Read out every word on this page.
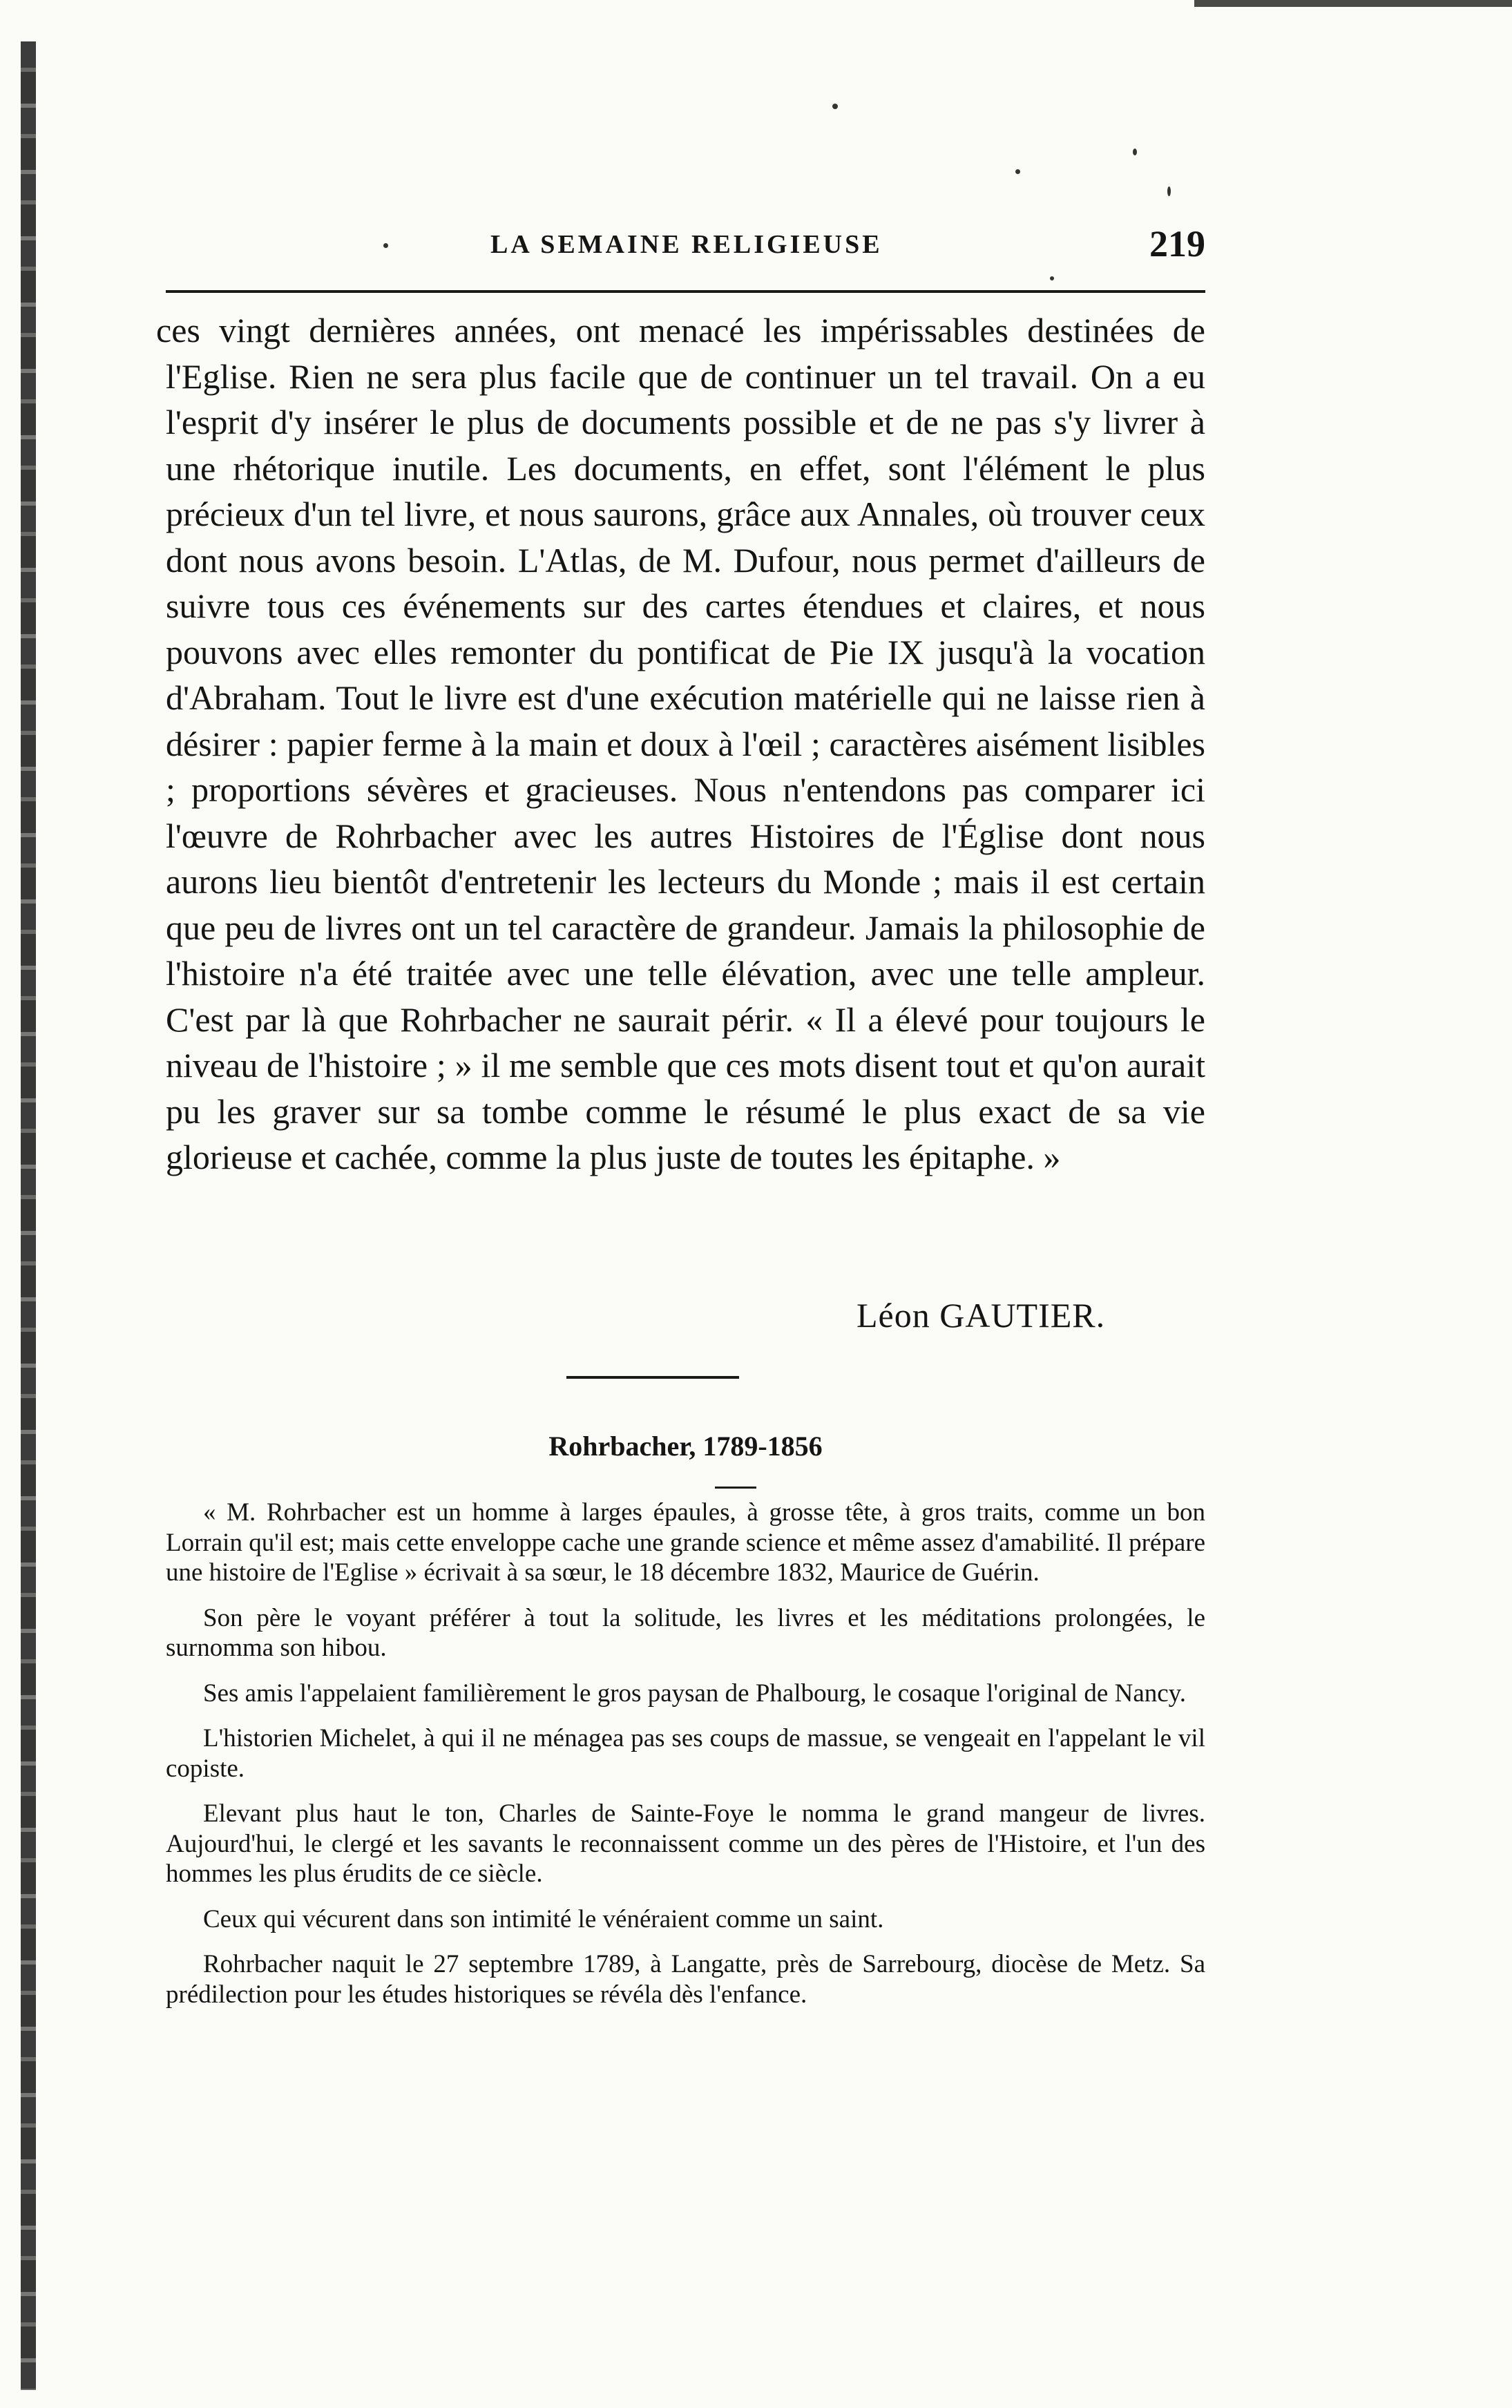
LA SEMAINE RELIGIEUSE	219

ces vingt dernières années, ont menacé les impérissables destinées de l'Eglise. Rien ne sera plus facile que de continuer un tel travail. On a eu l'esprit d'y insérer le plus de documents possible et de ne pas s'y livrer à une rhétorique inutile. Les documents, en effet, sont l'élément le plus précieux d'un tel livre, et nous saurons, grâce aux Annales, où trouver ceux dont nous avons besoin. L'Atlas, de M. Dufour, nous permet d'ailleurs de suivre tous ces événements sur des cartes étendues et claires, et nous pouvons avec elles remonter du pontificat de Pie IX jusqu'à la vocation d'Abraham. Tout le livre est d'une exécution matérielle qui ne laisse rien à désirer : papier ferme à la main et doux à l'œil ; caractères aisément lisibles ; proportions sévères et gracieuses. Nous n'entendons pas comparer ici l'œuvre de Rohrbacher avec les autres Histoires de l'Église dont nous aurons lieu bientôt d'entretenir les lecteurs du Monde ; mais il est certain que peu de livres ont un tel caractère de grandeur. Jamais la philosophie de l'histoire n'a été traitée avec une telle élévation, avec une telle ampleur. C'est par là que Rohrbacher ne saurait périr. « Il a élevé pour toujours le niveau de l'histoire ; » il me semble que ces mots disent tout et qu'on aurait pu les graver sur sa tombe comme le résumé le plus exact de sa vie glorieuse et cachée, comme la plus juste de toutes les épitaphe. »

Léon GAUTIER.
Rohrbacher, 1789-1856

« M. Rohrbacher est un homme à larges épaules, à grosse tête, à gros traits, comme un bon Lorrain qu'il est; mais cette enveloppe cache une grande science et même assez d'amabilité. Il prépare une histoire de l'Eglise » écrivait à sa sœur, le 18 décembre 1832, Maurice de Guérin.

Son père le voyant préférer à tout la solitude, les livres et les méditations prolongées, le surnomma son hibou.

Ses amis l'appelaient familièrement le gros paysan de Phalbourg, le cosaque l'original de Nancy.

L'historien Michelet, à qui il ne ménagea pas ses coups de massue, se vengeait en l'appelant le vil copiste.

Elevant plus haut le ton, Charles de Sainte-Foye le nomma le grand mangeur de livres. Aujourd'hui, le clergé et les savants le reconnaissent comme un des pères de l'Histoire, et l'un des hommes les plus érudits de ce siècle.

Ceux qui vécurent dans son intimité le vénéraient comme un saint.

Rohrbacher naquit le 27 septembre 1789, à Langatte, près de Sarrebourg, diocèse de Metz. Sa prédilection pour les études historiques se révéla dès l'enfance.
